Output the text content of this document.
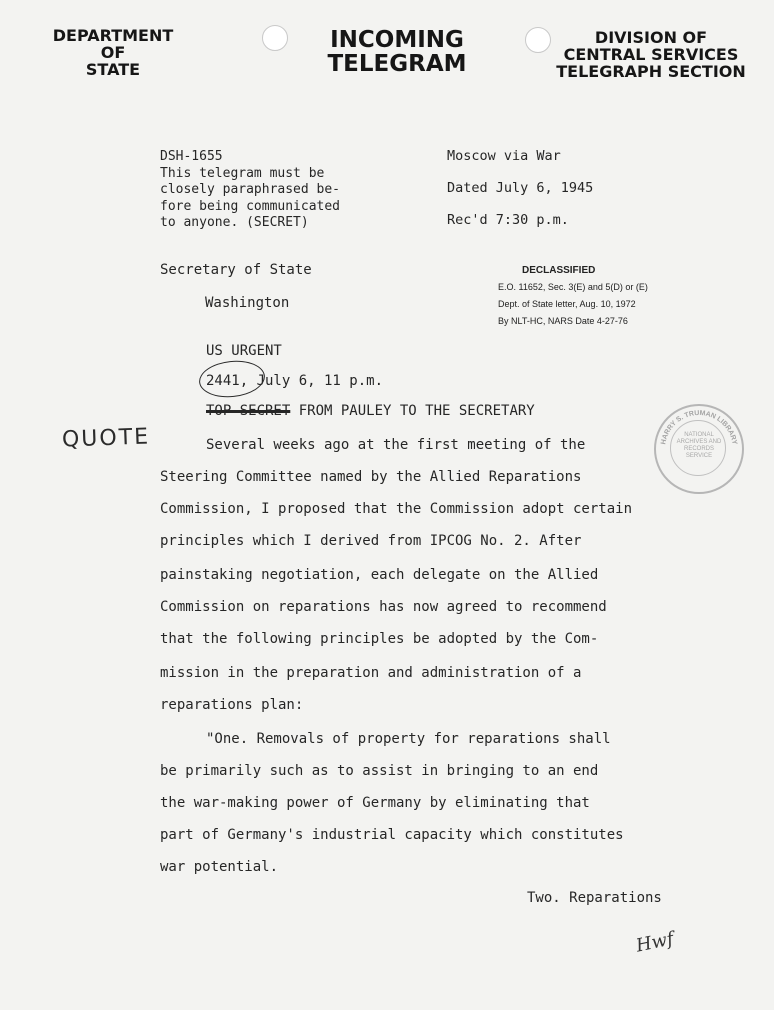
DEPARTMENT
OF
STATE
INCOMING
TELEGRAM
DIVISION OF
CENTRAL SERVICES
TELEGRAPH SECTION
DSH-1655
This telegram must be
closely paraphrased be-
fore being communicated
to anyone. (SECRET)
Moscow via War
Dated July 6, 1945
Rec'd 7:30 p.m.
Secretary of State
Washington
DECLASSIFIED
E.O. 11652, Sec. 3(E) and 5(D) or (E)
Dept. of State letter, Aug. 10, 1972
By NLT-HC, NARS Date 4-27-76
US URGENT
2441, July 6, 11 p.m.
TOP SECRET FROM PAULEY TO THE SECRETARY
QUOTE	HARRY S. TRUMAN LIBRARY
NATIONAL
ARCHIVES AND
RECORDS
SERVICE
Several weeks ago at the first meeting of the
Steering Committee named by the Allied Reparations
Commission, I proposed that the Commission adopt certain
principles which I derived from IPCOG No. 2. After
painstaking negotiation, each delegate on the Allied
Commission on reparations has now agreed to recommend
that the following principles be adopted by the Com-
mission in the preparation and administration of a
reparations plan:
"One. Removals of property for reparations shall
be primarily such as to assist in bringing to an end
the war-making power of Germany by eliminating that
part of Germany's industrial capacity which constitutes
war potential.
Two. Reparations
Hwf
